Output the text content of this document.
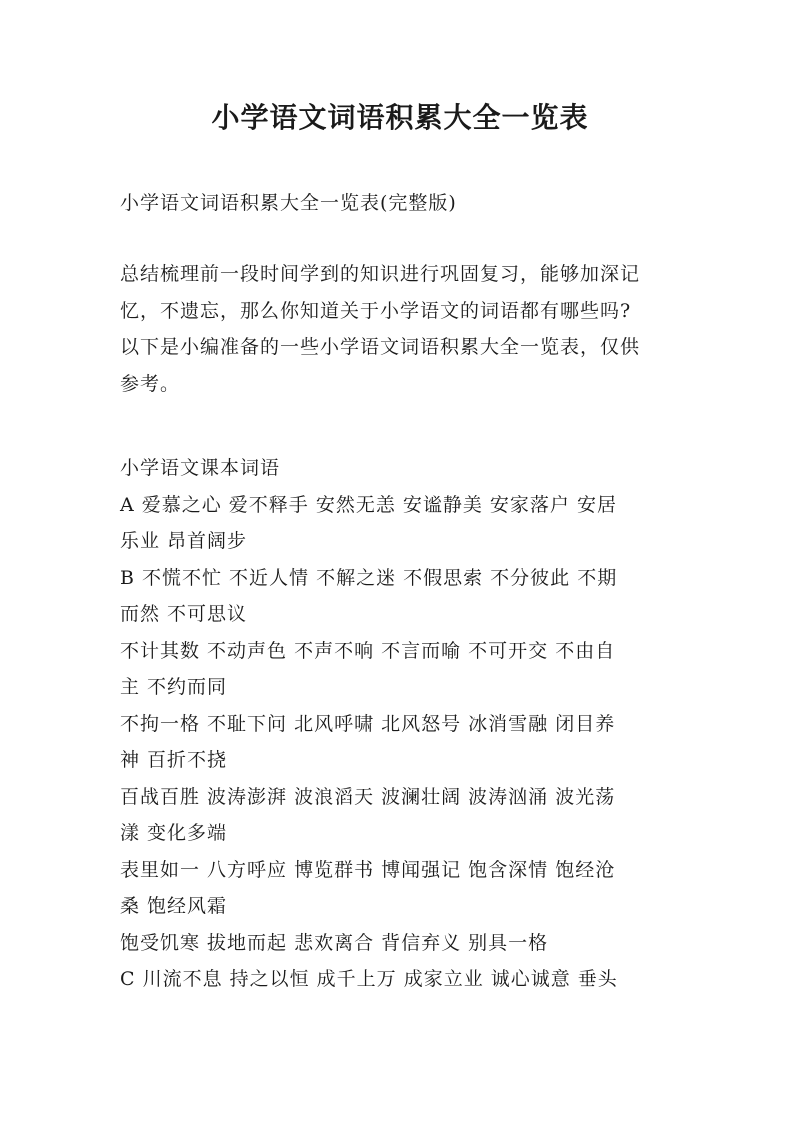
小学语文词语积累大全一览表

小学语文词语积累大全一览表(完整版)

总结梳理前一段时间学到的知识进行巩固复习，能够加深记
忆，不遗忘，那么你知道关于小学语文的词语都有哪些吗?
以下是小编准备的一些小学语文词语积累大全一览表，仅供
参考。
小学语文课本词语
A 爱慕之心 爱不释手 安然无恙 安谧静美 安家落户 安居
乐业 昂首阔步
B 不慌不忙 不近人情 不解之迷 不假思索 不分彼此 不期
而然 不可思议
不计其数 不动声色 不声不响 不言而喻 不可开交 不由自
主 不约而同
不拘一格 不耻下问 北风呼啸 北风怒号 冰消雪融 闭目养
神 百折不挠
百战百胜 波涛澎湃 波浪滔天 波澜壮阔 波涛汹涌 波光荡
漾 变化多端
表里如一 八方呼应 博览群书 博闻强记 饱含深情 饱经沧
桑 饱经风霜
饱受饥寒 拔地而起 悲欢离合 背信弃义 别具一格
C 川流不息 持之以恒 成千上万 成家立业 诚心诚意 垂头
